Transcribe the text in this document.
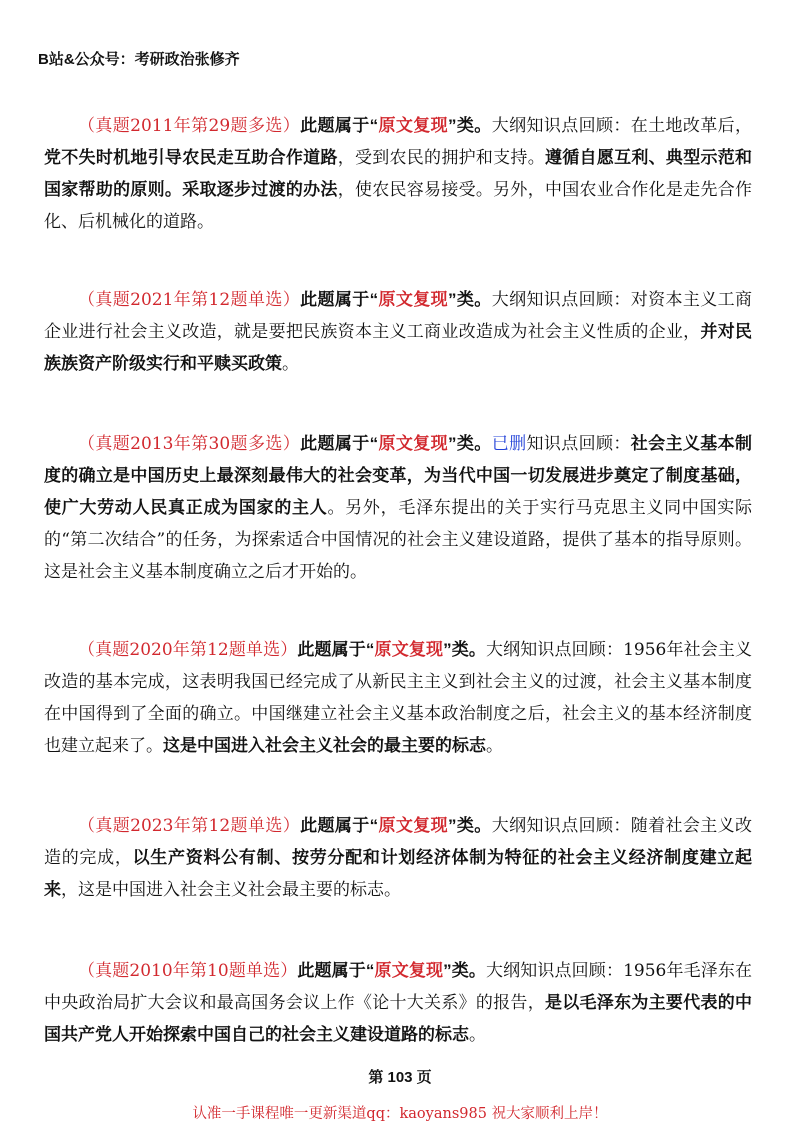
B站&公众号：考研政治张修齐

（真题2011年第29题多选）此题属于“原文复现”类。大纲知识点回顾：在土地改革后，党不失时机地引导农民走互助合作道路，受到农民的拥护和支持。遵循自愿互利、典型示范和国家帮助的原则。采取逐步过渡的办法，使农民容易接受。另外，中国农业合作化是走先合作化、后机械化的道路。

（真题2021年第12题单选）此题属于“原文复现”类。大纲知识点回顾：对资本主义工商企业进行社会主义改造，就是要把民族资本主义工商业改造成为社会主义性质的企业，并对民族族资产阶级实行和平赎买政策。

（真题2013年第30题多选）此题属于“原文复现”类。已删知识点回顾：社会主义基本制度的确立是中国历史上最深刻最伟大的社会变革，为当代中国一切发展进步奠定了制度基础，使广大劳动人民真正成为国家的主人。另外，毛泽东提出的关于实行马克思主义同中国实际的“第二次结合”的任务，为探索适合中国情况的社会主义建设道路，提供了基本的指导原则。这是社会主义基本制度确立之后才开始的。

（真题2020年第12题单选）此题属于“原文复现”类。大纲知识点回顾：1956年社会主义改造的基本完成，这表明我国已经完成了从新民主主义到社会主义的过渡，社会主义基本制度在中国得到了全面的确立。中国继建立社会主义基本政治制度之后，社会主义的基本经济制度也建立起来了。这是中国进入社会主义社会的最主要的标志。

（真题2023年第12题单选）此题属于“原文复现”类。大纲知识点回顾：随着社会主义改造的完成，以生产资料公有制、按劳分配和计划经济体制为特征的社会主义经济制度建立起来，这是中国进入社会主义社会最主要的标志。

（真题2010年第10题单选）此题属于“原文复现”类。大纲知识点回顾：1956年毛泽东在中央政治局扩大会议和最高国务会议上作《论十大关系》的报告，是以毛泽东为主要代表的中国共产党人开始探索中国自己的社会主义建设道路的标志。

第 103 页
认准一手课程唯一更新渠道qq：kaoyans985 祝大家顺利上岸！
